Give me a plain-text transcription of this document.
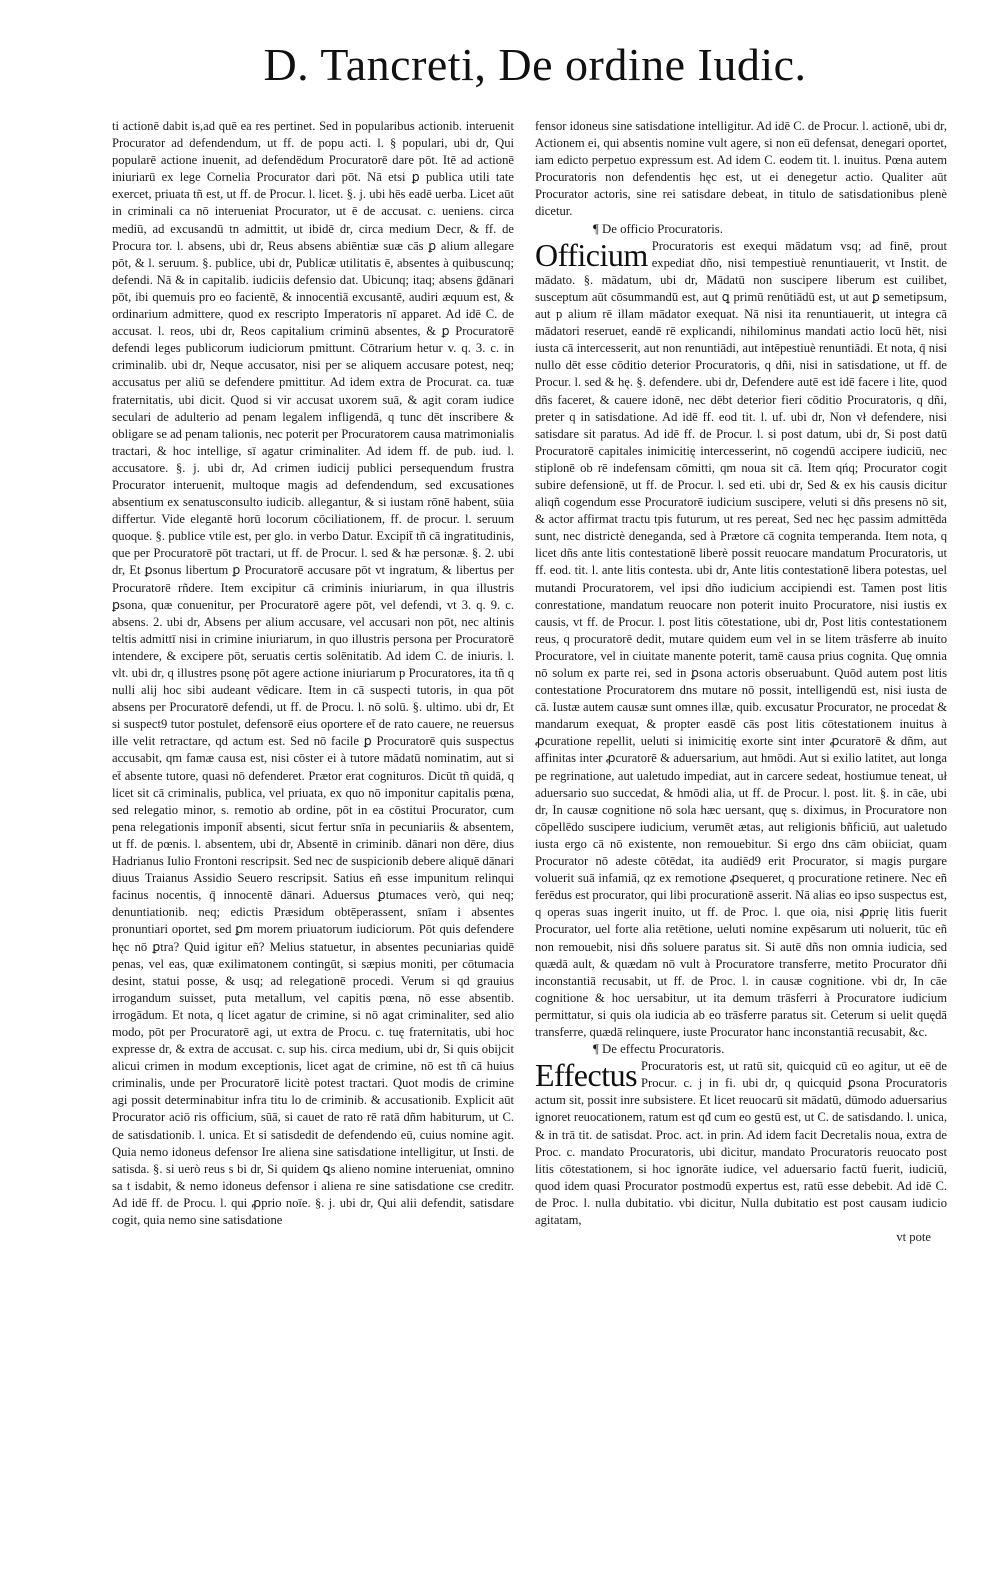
D. Tancreti, De ordine Iudic.

ti actionē dabit is,ad quē ea res pertinet. Sed in popularibus actionib. interuenit Procurator ad defendendum, ut ff. de popu acti. l. § populari, ubi dr, Qui popularē actione inuenit, ad defendēdum Procuratorē dare pōt. Itē ad actionē iniuriarū ex lege Cornelia Procurator dari pōt. Nā etsi ꝑ publica utili tate exercet, priuata tñ est, ut ff. de Procur. l. licet. §. j. ubi hēs eadē uerba. Licet aūt in criminali ca nō interueniat Procurator, ut ē de accusat. c. ueniens. circa mediū, ad excusandū tn admittit, ut ibidē dr, circa medium Decr, & ff. de Procura tor. l. absens, ubi dr, Reus absens abiēntiæ suæ cās ꝑ alium allegare pōt, & l. seruum. §. publice, ubi dr, Publicæ utilitatis ē, absentes à quibuscunq; defendi. Nā & in capitalib. iudiciis defensio dat. Ubicunq; itaq; absens ḡdānari pōt, ibi quemuis pro eo facientē, & innocentiā excusantē, audiri æquum est, & ordinarium admittere, quod ex rescripto Imperatoris nī apparet. Ad idē C. de accusat. l. reos, ubi dr, Reos capitalium criminū absentes, & ꝑ Procuratorē defendi leges publicorum iudiciorum pmittunt. Cōtrarium hetur v. q. 3. c. in criminalib. ubi dr, Neque accusator, nisi per se aliquem accusare potest, neq; accusatus per aliū se defendere pmittitur. Ad idem extra de Procurat. ca. tuæ fraternitatis, ubi dicit. Quod si vir accusat uxorem suā, & agit coram iudice seculari de adulterio ad penam legalem infligendā, q tunc dēt inscribere & obligare se ad penam talionis, nec poterit per Procuratorem causa matrimonialis tractari, & hoc intellige, sī agatur criminaliter. Ad idem ff. de pub. iud. l. accusatore. §. j. ubi dr, Ad crimen iudicij publici persequendum frustra Procurator interuenit, multoque magis ad defendendum, sed excusationes absentium ex senatusconsulto iudicib. allegantur, & si iustam rōnē habent, sūia differtur. Vide elegantē horū locorum cōciliationem, ff. de procur. l. seruum quoque. §. publice vtile est, per glo. in verbo Datur. Excipit̄ tñ cā ingratitudinis, que per Procuratorē pōt tractari, ut ff. de Procur. l. sed & hæ personæ. §. 2. ubi dr, Et ꝑsonus libertum ꝑ Procuratorē accusare pōt vt ingratum, & libertus per Procuratorē rñdere. Item excipitur cā criminis iniuriarum, in qua illustris ꝑsona, quæ conuenitur, per Procuratorē agere pōt, vel defendi, vt 3. q. 9. c. absens. 2. ubi dr, Absens per alium accusare, vel accusari non pōt, nec altinis teltis admittī nisi in crimine iniuriarum, in quo illustris persona per Procuratorē intendere, & excipere pōt, seruatis certis solēnitatib. Ad idem C. de iniuris. l. vlt. ubi dr, q illustres psonę pōt agere actione iniuriarum p Procuratores, ita tñ q nulli alij hoc sibi audeant vēdicare. Item in cā suspecti tutoris, in qua pōt absens per Procuratorē defendi, ut ff. de Procu. l. nō solū. §. ultimo. ubi dr, Et si suspect9 tutor postulet, defensorē eius oportere et̄ de rato cauere, ne reuersus ille velit retractare, qd actum est. Sed nō facile ꝑ Procuratorē quis suspectus accusabit, qm famæ causa est, nisi cōster ei à tutore mādatū nominatim, aut si et̄ absente tutore, quasi nō defenderet. Prætor erat cognituros. Dicūt tñ quidā, q licet sit cā criminalis, publica, vel priuata, ex quo nō imponitur capitalis pœna, sed relegatio minor, s. remotio ab ordine, pōt in ea cōstitui Procurator, cum pena relegationis imponit̄ absenti, sicut fertur snīa in pecuniariis & absentem, ut ff. de pœnis. l. absentem, ubi dr, Absentē in criminib. dānari non dēre, dius Hadrianus Iulio Frontoni rescripsit. Sed nec de suspicionib debere aliquē dānari diuus Traianus Assidio Seuero rescripsit. Satius eñ esse impunitum relinqui facinus nocentis, q̄ innocentē dānari. Aduersus ꝑtumaces verò, qui neq; denuntiationib. neq; edictis Præsidum obtēperassent, snīam i absentes pronuntiari oportet, sed ꝑm morem priuatorum iudiciorum. Pōt quis defendere hęc nō ꝑtra? Quid igitur eñ? Melius statuetur, in absentes pecuniarias quidē penas, vel eas, quæ exilimatonem contingūt, si sæpius moniti, per cōtumacia desint, statui posse, & usq; ad relegationē procedi. Verum si qd grauius irrogandum suisset, puta metallum, vel capitis pœna, nō esse absentib. irrogādum. Et nota, q licet agatur de crimine, si nō agat criminaliter, sed alio modo, pōt per Procuratorē agi, ut extra de Procu. c. tuę fraternitatis, ubi hoc expresse dr, & extra de accusat. c. sup his. circa medium, ubi dr, Si quis obijcit alicui crimen in modum exceptionis, licet agat de crimine, nō est tñ cā huius criminalis, unde per Procuratorē licitè potest tractari. Quot modis de crimine agi possit determinabitur infra titu lo de criminib. & accusationib. Explicit aūt Procurator aciō ris officium, sūā, si cauet de rato rē ratā dñm habiturum, ut C. de satisdationib. l. unica. Et si satisdedit de defendendo eū, cuius nomine agit. Quia nemo idoneus defensor Ire aliena sine satisdatione intelligitur, ut Insti. de satisda. §. si uerò reus s bi dr, Si quidem ꝗs alieno nomine interueniat, omnino sa t isdabit, & nemo idoneus defensor i aliena re sine satisdatione cse creditr. Ad idē ff. de Procu. l. qui ꝓprio noīe. §. j. ubi dr, Qui alii defendit, satisdare cogit, quia nemo sine satisdatione

fensor idoneus sine satisdatione intelligitur. Ad idē C. de Procur. l. actionē, ubi dr, Actionem ei, qui absentis nomine vult agere, si non eū defensat, denegari oportet, iam edicto perpetuo expressum est. Ad idem C. eodem tit. l. inuitus. Pœna autem Procuratoris non defendentis hęc est, ut ei denegetur actio. Qualiter aūt Procurator actoris, sine rei satisdare debeat, in titulo de satisdationibus plenè dicetur.

¶ De officio Procuratoris.

Officium Procuratoris est exequi mādatum vsq; ad finē, prout expediat dño, nisi tempestiuè renuntiauerit, vt Instit. de mādato. §. mādatum, ubi dr, Mādatū non suscipere liberum est cuilibet, susceptum aūt cōsummandū est, aut ꝗ primū renūtiādū est, ut aut ꝑ semetipsum, aut p alium rē illam mādator exequat. Nā nisi ita renuntiauerit, ut integra cā mādatori reseruet, eandē rē explicandi, nihilominus mandati actio locū hēt, nisi iusta cā intercesserit, aut non renuntiādi, aut intēpestiuè renuntiādi. Et nota, q̄ nisi nullo dēt esse cōditio deterior Procuratoris, q dñi, nisi in satisdatione, ut ff. de Procur. l. sed & hę. §. defendere. ubi dr, Defendere autē est idē facere i lite, quod dñs faceret, & cauere idonē, nec dēbt deterior fieri cōditio Procuratoris, q dñi, preter q in satisdatione. Ad idē ff. eod tit. l. uf. ubi dr, Non vł defendere, nisi satisdare sit paratus. Ad idē ff. de Procur. l. si post datum, ubi dr, Si post datū Procuratorē capitales inimicitię intercesserint, nō cogendū accipere iudiciū, nec stiplonē ob rē indefensam cōmitti, qm noua sit cā. Item qńq; Procurator cogit subire defensionē, ut ff. de Procur. l. sed eti. ubi dr, Sed & ex his causis dicitur aliqñ cogendum esse Procuratorē iudicium suscipere, veluti si dñs presens nō sit, & actor affirmat tractu tpis futurum, ut res pereat, Sed nec hęc passim admittēda sunt, nec districtè deneganda, sed à Prætore cā cognita temperanda. Item nota, q licet dñs ante litis contestationē liberè possit reuocare mandatum Procuratoris, ut ff. eod. tit. l. ante litis contesta. ubi dr, Ante litis contestationē libera potestas, uel mutandi Procuratorem, vel ipsi dño iudicium accipiendi est. Tamen post litis conrestatione, mandatum reuocare non poterit inuito Procuratore, nisi iustis ex causis, vt ff. de Procur. l. post litis cōtestatione, ubi dr, Post litis contestationem reus, q procuratorē dedit, mutare quidem eum vel in se litem trāsferre ab inuito Procuratore, vel in ciuitate manente poterit, tamē causa prius cognita. Quę omnia nō solum ex parte rei, sed in ꝑsona actoris obseruabunt. Quōd autem post litis contestatione Procuratorem dns mutare nō possit, intelligendū est, nisi iusta de cā. Iustæ autem causæ sunt omnes illæ, quib. excusatur Procurator, ne procedat & mandarum exequat, & propter easdē cās post litis cōtestationem inuitus à ꝓcuratione repellit, ueluti si inimicitię exorte sint inter ꝓcuratorē & dñm, aut affinitas inter ꝓcuratorē & aduersarium, aut hmōdi. Aut si exilio latitet, aut longa pe regrinatione, aut ualetudo impediat, aut in carcere sedeat, hostiumue teneat, uł aduersario suo succedat, & hmōdi alia, ut ff. de Procur. l. post. lit. §. in cāe, ubi dr, In causæ cognitione nō sola hæc uersant, quę s. diximus, in Procuratore non cōpellēdo suscipere iudicium, verumēt ætas, aut religionis bñficiū, aut ualetudo iusta ergo cā nō existente, non remouebitur. Si ergo dns cām obiiciat, quam Procurator nō adeste cōtēdat, ita audiēd9 erit Procurator, si magis purgare voluerit suā infamiā, qz ex remotione ꝓsequeret, q procuratione retinere. Nec eñ ferēdus est procurator, qui libi procurationē asserit. Nā alias eo ipso suspectus est, q operas suas ingerit inuito, ut ff. de Proc. l. que oia, nisi ꝓprię litis fuerit Procurator, uel forte alia retētione, ueluti nomine expēsarum uti noluerit, tūc eñ non remouebit, nisi dñs soluere paratus sit. Si autē dñs non omnia iudicia, sed quædā ault, & quædam nō vult à Procuratore transferre, metito Procurator dñi inconstantiā recusabit, ut ff. de Proc. l. in causæ cognitione. vbi dr, In cāe cognitione & hoc uersabitur, ut ita demum trāsferri à Procuratore iudicium permittatur, si quis ola iudicia ab eo trāsferre paratus sit. Ceterum si uelit quędā transferre, quædā relinquere, iuste Procurator hanc inconstantiā recusabit, &c.

¶ De effectu Procuratoris.

Effectus Procuratoris est, ut ratū sit, quicquid cū eo agitur, ut eē de Procur. c. j in fi. ubi dr, q quicquid ꝑsona Procuratoris actum sit, possit inre subsistere. Et licet reuocarū sit mādatū, dūmodo aduersarius ignoret reuocationem, ratum est qđ cum eo gestū est, ut C. de satisdando. l. unica, & in trā tit. de satisdat. Proc. act. in prin. Ad idem facit Decretalis noua, extra de Proc. c. mandato Procuratoris, ubi dicitur, mandato Procuratoris reuocato post litis cōtestationem, si hoc ignorāte iudice, vel aduersario factū fuerit, iudiciū, quod idem quasi Procurator postmodū expertus est, ratū esse debebit. Ad idē C. de Proc. l. nulla dubitatio. vbi dicitur, Nulla dubitatio est post causam iudicio agitatam,

vt pote
